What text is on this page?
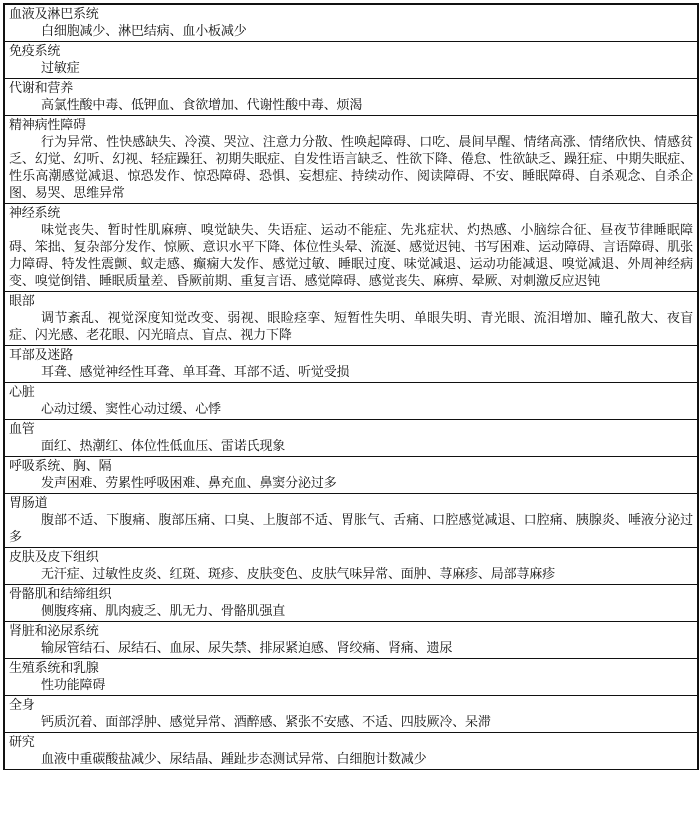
血液及淋巴系统
白细胞减少、淋巴结病、血小板减少
免疫系统
过敏症
代谢和营养
高氯性酸中毒、低钾血、食欲增加、代谢性酸中毒、烦渴
精神病性障碍
行为异常、性快感缺失、冷漠、哭泣、注意力分散、性唤起障碍、口吃、晨间早醒、情绪高涨、情绪欣快、情感贫乏、幻觉、幻听、幻视、轻症躁狂、初期失眠症、自发性语言缺乏、性欲下降、倦怠、性欲缺乏、躁狂症、中期失眠症、性乐高潮感觉减退、惊恐发作、惊恐障碍、恐惧、妄想症、持续动作、阅读障碍、不安、睡眠障碍、自杀观念、自杀企图、易哭、思维异常
神经系统
味觉丧失、暂时性肌麻痹、嗅觉缺失、失语症、运动不能症、先兆症状、灼热感、小脑综合征、昼夜节律睡眠障碍、笨拙、复杂部分发作、惊厥、意识水平下降、体位性头晕、流涎、感觉迟钝、书写困难、运动障碍、言语障碍、肌张力障碍、特发性震颤、蚁走感、癫痫大发作、感觉过敏、睡眠过度、味觉减退、运动功能减退、嗅觉减退、外周神经病变、嗅觉倒错、睡眠质量差、昏厥前期、重复言语、感觉障碍、感觉丧失、麻痹、晕厥、对刺激反应迟钝
眼部
调节紊乱、视觉深度知觉改变、弱视、眼睑痉挛、短暂性失明、单眼失明、青光眼、流泪增加、瞳孔散大、夜盲症、闪光感、老花眼、闪光暗点、盲点、视力下降
耳部及迷路
耳聋、感觉神经性耳聋、单耳聋、耳部不适、听觉受损
心脏
心动过缓、窦性心动过缓、心悸
血管
面红、热潮红、体位性低血压、雷诺氏现象
呼吸系统、胸、隔
发声困难、劳累性呼吸困难、鼻充血、鼻窦分泌过多
胃肠道
腹部不适、下腹痛、腹部压痛、口臭、上腹部不适、胃胀气、舌痛、口腔感觉减退、口腔痛、胰腺炎、唾液分泌过多
皮肤及皮下组织
无汗症、过敏性皮炎、红斑、斑疹、皮肤变色、皮肤气味异常、面肿、荨麻疹、局部荨麻疹
骨骼肌和结缔组织
侧腹疼痛、肌肉疲乏、肌无力、骨骼肌强直
肾脏和泌尿系统
输尿管结石、尿结石、血尿、尿失禁、排尿紧迫感、肾绞痛、肾痛、遗尿
生殖系统和乳腺
性功能障碍
全身
钙质沉着、面部浮肿、感觉异常、酒醉感、紧张不安感、不适、四肢厥冷、呆滞
研究
血液中重碳酸盐减少、尿结晶、踵趾步态测试异常、白细胞计数减少
